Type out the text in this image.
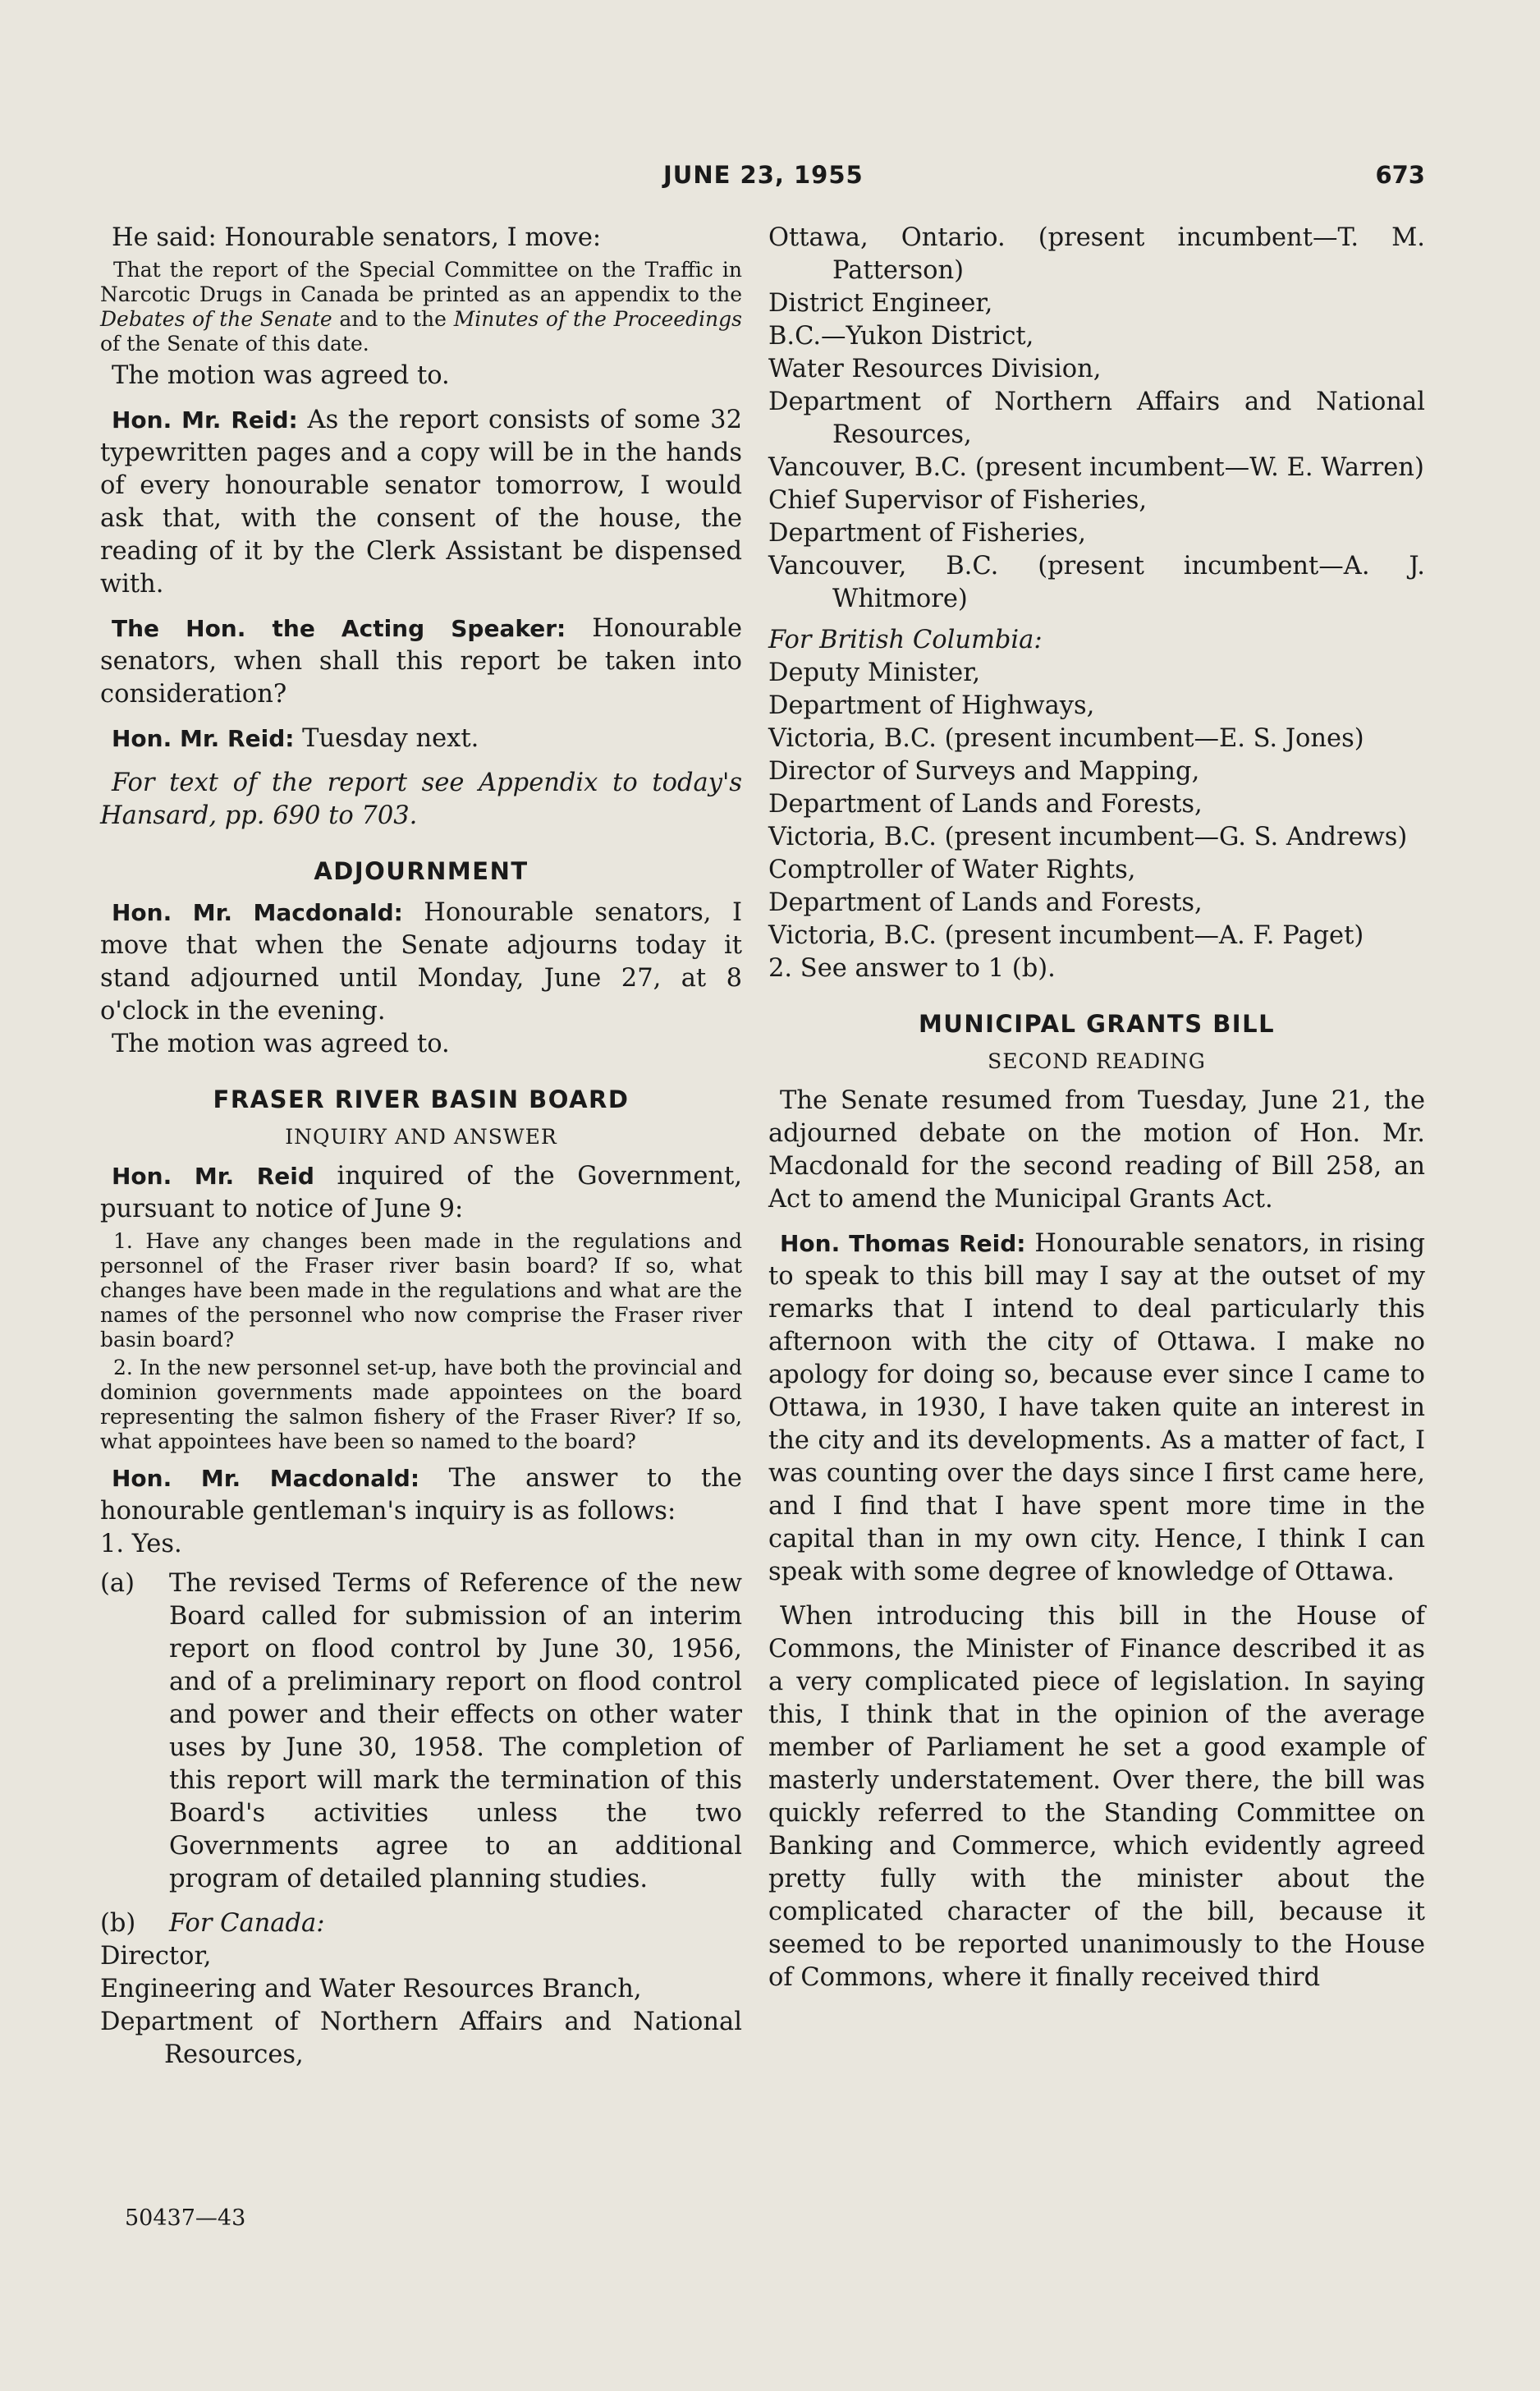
JUNE 23, 1955	673

He said: Honourable senators, I move:

That the report of the Special Committee on the Traffic in Narcotic Drugs in Canada be printed as an appendix to the Debates of the Senate and to the Minutes of the Proceedings of the Senate of this date.

The motion was agreed to.

Hon. Mr. Reid: As the report consists of some 32 typewritten pages and a copy will be in the hands of every honourable senator tomorrow, I would ask that, with the consent of the house, the reading of it by the Clerk Assistant be dispensed with.

The Hon. the Acting Speaker: Honourable senators, when shall this report be taken into consideration?

Hon. Mr. Reid: Tuesday next.

For text of the report see Appendix to today's Hansard, pp. 690 to 703.

ADJOURNMENT

Hon. Mr. Macdonald: Honourable senators, I move that when the Senate adjourns today it stand adjourned until Monday, June 27, at 8 o'clock in the evening.

The motion was agreed to.

FRASER RIVER BASIN BOARD
INQUIRY AND ANSWER

Hon. Mr. Reid inquired of the Government, pursuant to notice of June 9:

1. Have any changes been made in the regulations and personnel of the Fraser river basin board? If so, what changes have been made in the regulations and what are the names of the personnel who now comprise the Fraser river basin board?

2. In the new personnel set-up, have both the provincial and dominion governments made appointees on the board representing the salmon fishery of the Fraser River? If so, what appointees have been so named to the board?

Hon. Mr. Macdonald: The answer to the honourable gentleman's inquiry is as follows:

1. Yes.

(a)	The revised Terms of Reference of the new Board called for submission of an interim report on flood control by June 30, 1956, and of a preliminary report on flood control and power and their effects on other water uses by June 30, 1958. The completion of this report will mark the termination of this Board's activities unless the two Governments agree to an additional program of detailed planning studies.
(b)	For Canada:

Director,

Engineering and Water Resources Branch,

Department of Northern Affairs and National Resources,

Ottawa, Ontario. (present incumbent—T. M. Patterson)

District Engineer,

B.C.—Yukon District,

Water Resources Division,

Department of Northern Affairs and National Resources,

Vancouver, B.C. (present incumbent—W. E. Warren)

Chief Supervisor of Fisheries,

Department of Fisheries,

Vancouver, B.C. (present incumbent—A. J. Whitmore)

For British Columbia:

Deputy Minister,

Department of Highways,

Victoria, B.C. (present incumbent—E. S. Jones)

Director of Surveys and Mapping,

Department of Lands and Forests,

Victoria, B.C. (present incumbent—G. S. Andrews)

Comptroller of Water Rights,

Department of Lands and Forests,

Victoria, B.C. (present incumbent—A. F. Paget)

2. See answer to 1 (b).

MUNICIPAL GRANTS BILL
SECOND READING

The Senate resumed from Tuesday, June 21, the adjourned debate on the motion of Hon. Mr. Macdonald for the second reading of Bill 258, an Act to amend the Municipal Grants Act.

Hon. Thomas Reid: Honourable senators, in rising to speak to this bill may I say at the outset of my remarks that I intend to deal particularly this afternoon with the city of Ottawa. I make no apology for doing so, because ever since I came to Ottawa, in 1930, I have taken quite an interest in the city and its developments. As a matter of fact, I was counting over the days since I first came here, and I find that I have spent more time in the capital than in my own city. Hence, I think I can speak with some degree of knowledge of Ottawa.

When introducing this bill in the House of Commons, the Minister of Finance described it as a very complicated piece of legislation. In saying this, I think that in the opinion of the average member of Parliament he set a good example of masterly understatement. Over there, the bill was quickly referred to the Standing Committee on Banking and Commerce, which evidently agreed pretty fully with the minister about the complicated character of the bill, because it seemed to be reported unanimously to the House of Commons, where it finally received third

50437—43
